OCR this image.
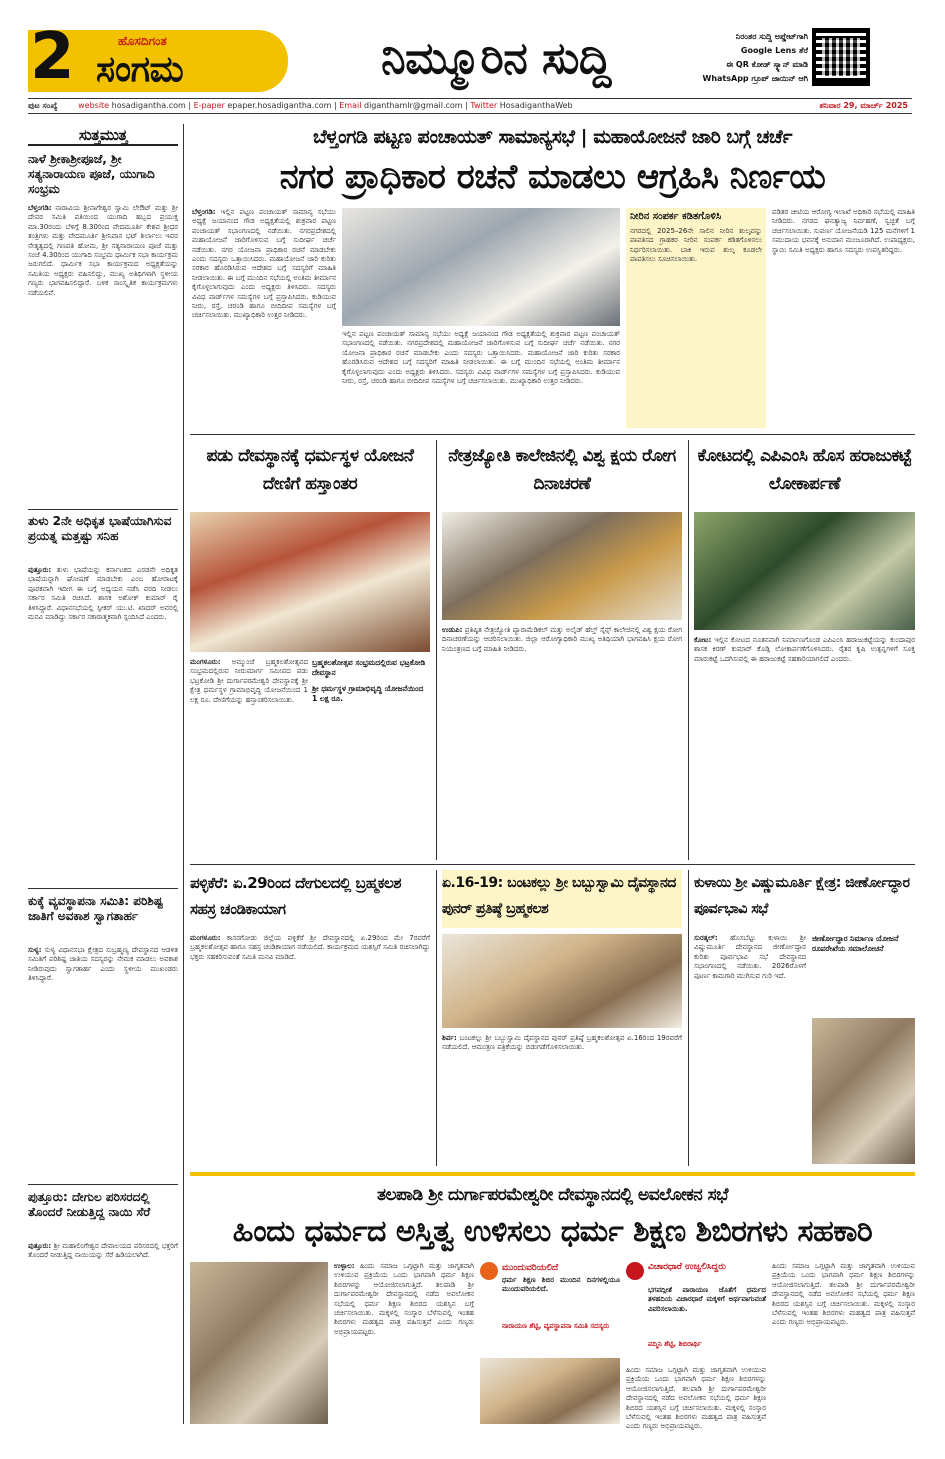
2	ಹೊಸದಿಗಂತ
ಸಂಗಮ	ನಿಮ್ಮೂರಿನ ಸುದ್ದಿ	ನಿರಂತರ ಸುದ್ದಿ ಅಪ್ಡೇಟ್‌ಗಾಗಿ
Google Lens ತೆರೆ
ಈ QR ಕೋಡ್ ಸ್ಕ್ಯಾನ್ ಮಾಡಿ
WhatsApp ಗ್ರೂಪ್ ಜಾಯಿನ್ ಆಗಿ
ಪುಟ ಸಂಖ್ಯೆ	website hosadigantha.com | E-paper epaper.hosadigantha.com | Email diganthamlr@gmail.com | Twitter HosadiganthaWeb	ಶನಿವಾರ 29, ಮಾರ್ಚ್ 2025
ಸುತ್ತಮುತ್ತ
ನಾಳೆ ಶ್ರೀಕಾಶ್ರೀಪೂಜೆ, ಶ್ರೀ ಸತ್ಯನಾರಾಯಣ ಪೂಜೆ, ಯುಗಾದಿ ಸಂಭ್ರಮ
ಬೆಳ್ತಂಗಡಿ: ನಾರಾವಿಯ ಶ್ರೀನಾಗೇಶ್ವರ ಸ್ವಾಮಿ ಲೇಔಟ್ ಮತ್ತು ಶ್ರೀ ದೇವರ ಸಮಿತಿ ವತಿಯಿಂದ ಯುಗಾದಿ ಹಬ್ಬದ ಪ್ರಯುಕ್ತ ಮಾ.30ರಂದು ಬೆಳಿಗ್ಗೆ 8.30ರಿಂದ ವೇದಮೂರ್ತಿ ಕೇಶವ ಶ್ರೀಧರ ತಂತ್ರಿಗಳು ಮತ್ತು ವೇದಮೂರ್ತಿ ಶ್ರೀನಿವಾಸ ಭಟ್ ಶಿರ್ಲಾಲು ಇವರ ನೇತೃತ್ವದಲ್ಲಿ ಗಣಪತಿ ಹೋಮ, ಶ್ರೀ ಸತ್ಯನಾರಾಯಣ ಪೂಜೆ ಮತ್ತು ಸಂಜೆ 4.30ರಿಂದ ಯುಗಾದಿ ಸಂಭ್ರಮ ಧಾರ್ಮಿಕ ಸಭಾ ಕಾರ್ಯಕ್ರಮ ಜರುಗಲಿದೆ. ಧಾರ್ಮಿಕ ಸಭಾ ಕಾರ್ಯಕ್ರಮದ ಅಧ್ಯಕ್ಷತೆಯನ್ನು ಸಮಿತಿಯ ಅಧ್ಯಕ್ಷರು ವಹಿಸಲಿದ್ದು, ಮುಖ್ಯ ಅತಿಥಿಗಳಾಗಿ ಸ್ಥಳೀಯ ಗಣ್ಯರು ಭಾಗವಹಿಸಲಿದ್ದಾರೆ. ಬಳಿಕ ಸಾಂಸ್ಕೃತಿಕ ಕಾರ್ಯಕ್ರಮಗಳು ನಡೆಯಲಿವೆ.
ತುಳು 2ನೇ ಅಧಿಕೃತ ಭಾಷೆಯಾಗಿಸುವ ಪ್ರಯತ್ನ ಮತ್ತಷ್ಟು ಸನಿಹ
ಪುತ್ತೂರು: ತುಳು ಭಾಷೆಯನ್ನು ಕರ್ನಾಟಕದ ಎರಡನೇ ಅಧಿಕೃತ ಭಾಷೆಯನ್ನಾಗಿ ಘೋಷಣೆ ಮಾಡಬೇಕು ಎಂಬ ಹೋರಾಟಕ್ಕೆ ಪೂರಕವಾಗಿ ಇದೀಗ ಈ ಬಗ್ಗೆ ಅಧ್ಯಯನ ನಡೆಸಿ ವರದಿ ನೀಡಲು ಸರ್ಕಾರ ಸಮಿತಿ ರಚಿಸಿದೆ. ಶಾಸಕ ಅಶೋಕ್ ಕುಮಾರ್ ರೈ ತಿಳಿಸಿದ್ದಾರೆ. ವಿಧಾನಸಭೆಯಲ್ಲಿ ಸ್ಪೀಕರ್ ಯು.ಟಿ. ಖಾದರ್ ಅವರಲ್ಲಿ ಮನವಿ ಮಾಡಿದ್ದು ಸರ್ಕಾರ ಸಕಾರಾತ್ಮಕವಾಗಿ ಸ್ಪಂದಿಸಿದೆ ಎಂದರು.
ಕುಕ್ಕೆ ವ್ಯವಸ್ಥಾಪನಾ ಸಮಿತಿ: ಪರಿಶಿಷ್ಟ ಜಾತಿಗೆ ಅವಕಾಶ ಸ್ವಾಗತಾರ್ಹ
ಸುಳ್ಯ: ಸುಳ್ಯ ವಿಧಾನಸಭಾ ಕ್ಷೇತ್ರದ ಸುಬ್ರಹ್ಮಣ್ಯ ದೇವಸ್ಥಾನದ ಆಡಳಿತ ಸಮಿತಿಗೆ ಪರಿಶಿಷ್ಟ ಜಾತಿಯ ಸದಸ್ಯರನ್ನು ನೇಮಕ ಮಾಡಲು ಅವಕಾಶ ನೀಡಿರುವುದು ಸ್ವಾಗತಾರ್ಹ ಎಂದು ಸ್ಥಳೀಯ ಮುಖಂಡರು ತಿಳಿಸಿದ್ದಾರೆ.
ಪುತ್ತೂರು: ದೇಗುಲ ಪರಿಸರದಲ್ಲಿ ತೊಂದರೆ ನೀಡುತ್ತಿದ್ದ ನಾಯಿ ಸೆರೆ
ಪುತ್ತೂರು: ಶ್ರೀ ಮಹಾಲಿಂಗೇಶ್ವರ ದೇವಾಲಯದ ಪರಿಸರದಲ್ಲಿ ಭಕ್ತರಿಗೆ ತೊಂದರೆ ನೀಡುತ್ತಿದ್ದ ನಾಯಿಯನ್ನು ಸೆರೆ ಹಿಡಿಯಲಾಗಿದೆ.
ಬೆಳ್ತಂಗಡಿ ಪಟ್ಟಣ ಪಂಚಾಯತ್ ಸಾಮಾನ್ಯಸಭೆ | ಮಹಾಯೋಜನೆ ಜಾರಿ ಬಗ್ಗೆ ಚರ್ಚೆ
ನಗರ ಪ್ರಾಧಿಕಾರ ರಚನೆ ಮಾಡಲು ಆಗ್ರಹಿಸಿ ನಿರ್ಣಯ
ಬೆಳ್ತಂಗಡಿ: ಇಲ್ಲಿನ ಪಟ್ಟಣ ಪಂಚಾಯತ್ ಸಾಮಾನ್ಯ ಸಭೆಯು ಅಧ್ಯಕ್ಷೆ ಜಯಾನಂದ ಗೌಡ ಅಧ್ಯಕ್ಷತೆಯಲ್ಲಿ ಶುಕ್ರವಾರ ಪಟ್ಟಣ ಪಂಚಾಯತ್ ಸಭಾಂಗಣದಲ್ಲಿ ನಡೆಯಿತು. ನಗರಪ್ರದೇಶದಲ್ಲಿ ಮಹಾಯೋಜನೆ ಜಾರಿಗೊಳಿಸುವ ಬಗ್ಗೆ ಸುದೀರ್ಘ ಚರ್ಚೆ ನಡೆಯಿತು. ನಗರ ಯೋಜನಾ ಪ್ರಾಧಿಕಾರ ರಚನೆ ಮಾಡಬೇಕು ಎಂದು ಸದಸ್ಯರು ಒತ್ತಾಯಿಸಿದರು. ಮಹಾಯೋಜನೆ ಜಾರಿ ಕುರಿತು ಸರಕಾರ ಹೊರಡಿಸಿರುವ ಆದೇಶದ ಬಗ್ಗೆ ಸದಸ್ಯರಿಗೆ ಮಾಹಿತಿ ನೀಡಲಾಯಿತು. ಈ ಬಗ್ಗೆ ಮುಂದಿನ ಸಭೆಯಲ್ಲಿ ಅಂತಿಮ ತೀರ್ಮಾನ ಕೈಗೊಳ್ಳಲಾಗುವುದು ಎಂದು ಅಧ್ಯಕ್ಷರು ತಿಳಿಸಿದರು. ಸದಸ್ಯರು ವಿವಿಧ ವಾರ್ಡ್‌ಗಳ ಸಮಸ್ಯೆಗಳ ಬಗ್ಗೆ ಪ್ರಸ್ತಾಪಿಸಿದರು. ಕುಡಿಯುವ ನೀರು, ರಸ್ತೆ, ಚರಂಡಿ ಹಾಗೂ ಬೀದಿದೀಪ ಸಮಸ್ಯೆಗಳ ಬಗ್ಗೆ ಚರ್ಚಿಸಲಾಯಿತು. ಮುಖ್ಯಾಧಿಕಾರಿ ಉತ್ತರ ನೀಡಿದರು.
ಇಲ್ಲಿನ ಪಟ್ಟಣ ಪಂಚಾಯತ್ ಸಾಮಾನ್ಯ ಸಭೆಯು ಅಧ್ಯಕ್ಷೆ ಜಯಾನಂದ ಗೌಡ ಅಧ್ಯಕ್ಷತೆಯಲ್ಲಿ ಶುಕ್ರವಾರ ಪಟ್ಟಣ ಪಂಚಾಯತ್ ಸಭಾಂಗಣದಲ್ಲಿ ನಡೆಯಿತು. ನಗರಪ್ರದೇಶದಲ್ಲಿ ಮಹಾಯೋಜನೆ ಜಾರಿಗೊಳಿಸುವ ಬಗ್ಗೆ ಸುದೀರ್ಘ ಚರ್ಚೆ ನಡೆಯಿತು. ನಗರ ಯೋಜನಾ ಪ್ರಾಧಿಕಾರ ರಚನೆ ಮಾಡಬೇಕು ಎಂದು ಸದಸ್ಯರು ಒತ್ತಾಯಿಸಿದರು. ಮಹಾಯೋಜನೆ ಜಾರಿ ಕುರಿತು ಸರಕಾರ ಹೊರಡಿಸಿರುವ ಆದೇಶದ ಬಗ್ಗೆ ಸದಸ್ಯರಿಗೆ ಮಾಹಿತಿ ನೀಡಲಾಯಿತು. ಈ ಬಗ್ಗೆ ಮುಂದಿನ ಸಭೆಯಲ್ಲಿ ಅಂತಿಮ ತೀರ್ಮಾನ ಕೈಗೊಳ್ಳಲಾಗುವುದು ಎಂದು ಅಧ್ಯಕ್ಷರು ತಿಳಿಸಿದರು. ಸದಸ್ಯರು ವಿವಿಧ ವಾರ್ಡ್‌ಗಳ ಸಮಸ್ಯೆಗಳ ಬಗ್ಗೆ ಪ್ರಸ್ತಾಪಿಸಿದರು. ಕುಡಿಯುವ ನೀರು, ರಸ್ತೆ, ಚರಂಡಿ ಹಾಗೂ ಬೀದಿದೀಪ ಸಮಸ್ಯೆಗಳ ಬಗ್ಗೆ ಚರ್ಚಿಸಲಾಯಿತು. ಮುಖ್ಯಾಧಿಕಾರಿ ಉತ್ತರ ನೀಡಿದರು.
ನೀರಿನ ಸಂಪರ್ಕ ಕಡಿತಗೊಳಿಸಿ
ನಗರದಲ್ಲಿ 2025–26ನೇ ಸಾಲಿನ ನೀರಿನ ಶುಲ್ಕವನ್ನು ಪಾವತಿಸದ ಗ್ರಾಹಕರ ನೀರಿನ ಸಂಪರ್ಕ ಕಡಿತಗೊಳಿಸಲು ನಿರ್ಧರಿಸಲಾಯಿತು. ಬಾಕಿ ಇರುವ ಶುಲ್ಕ ಕೂಡಲೇ ಪಾವತಿಸಲು ಸೂಚಿಸಲಾಯಿತು.
ಪಡಿತರ ಚೀಟಿಯ ಆರೋಗ್ಯ ಇಲಾಖೆ ಅಧಿಕಾರಿ ಸಭೆಯಲ್ಲಿ ಮಾಹಿತಿ ನೀಡಿದರು. ನಗರದ ಘನತ್ಯಾಜ್ಯ ನಿರ್ವಹಣೆ, ಸ್ವಚ್ಛತೆ ಬಗ್ಗೆ ಚರ್ಚಿಸಲಾಯಿತು. ಸುವರ್ಣ ಯೋಜನೆಯಡಿ 125 ಮನೆಗಳಿಗೆ 1 ಸಮುದಾಯ ಭವನಕ್ಕೆ ಅನುದಾನ ಮಂಜೂರಾಗಿದೆ. ಉಪಾಧ್ಯಕ್ಷರು, ಸ್ಥಾಯಿ ಸಮಿತಿ ಅಧ್ಯಕ್ಷರು ಹಾಗೂ ಸದಸ್ಯರು ಉಪಸ್ಥಿತರಿದ್ದರು.
ಪಡು ದೇವಸ್ಥಾನಕ್ಕೆ ಧರ್ಮಸ್ಥಳ ಯೋಜನೆ ದೇಣಿಗೆ ಹಸ್ತಾಂತರ
ಮಂಗಳೂರು: ಅಮ್ಮುಂಜೆ ಬ್ರಹ್ಮಕಲಶೋತ್ಸವದ ಸಂಭ್ರಮದಲ್ಲಿರುವ ನೀರುಮಾರ್ಗ ಸಮೀಪದ ಪಡು ಭಟ್ರಕೋಡಿ ಶ್ರೀ ದುರ್ಗಾಪರಮೇಶ್ವರಿ ದೇವಸ್ಥಾನಕ್ಕೆ ಶ್ರೀ ಕ್ಷೇತ್ರ ಧರ್ಮಸ್ಥಳ ಗ್ರಾಮಾಭಿವೃದ್ಧಿ ಯೋಜನೆಯಿಂದ 1 ಲಕ್ಷ ರೂ. ದೇಣಿಗೆಯನ್ನು ಹಸ್ತಾಂತರಿಸಲಾಯಿತು.
ಬ್ರಹ್ಮಕಲಶೋತ್ಸವ ಸಂಭ್ರಮದಲ್ಲಿರುವ ಭಟ್ರಕೋಡಿ ದೇವಸ್ಥಾನ
ಶ್ರೀ ಧರ್ಮಸ್ಥಳ ಗ್ರಾಮಾಭಿವೃದ್ಧಿ ಯೋಜನೆಯಿಂದ 1 ಲಕ್ಷ ರೂ.
ನೇತ್ರಜ್ಯೋತಿ ಕಾಲೇಜಿನಲ್ಲಿ ವಿಶ್ವ ಕ್ಷಯ ರೋಗ ದಿನಾಚರಣೆ
ಉಡುಪಿ: ಪ್ರತಿಷ್ಠಿತ ನೇತ್ರಜ್ಯೋತಿ ಪ್ಯಾರಾಮೆಡಿಕಲ್ ಮತ್ತು ಅಲೈಡ್ ಹೆಲ್ತ್ ಸೈನ್ಸ್ ಕಾಲೇಜಿನಲ್ಲಿ ವಿಶ್ವ ಕ್ಷಯ ರೋಗ ದಿನಾಚರಣೆಯನ್ನು ಆಚರಿಸಲಾಯಿತು. ಜಿಲ್ಲಾ ಆರೋಗ್ಯಾಧಿಕಾರಿ ಮುಖ್ಯ ಅತಿಥಿಯಾಗಿ ಭಾಗವಹಿಸಿ ಕ್ಷಯ ರೋಗ ನಿಯಂತ್ರಣದ ಬಗ್ಗೆ ಮಾಹಿತಿ ನೀಡಿದರು.
ಕೋಟದಲ್ಲಿ ಎಪಿಎಂಸಿ ಹೊಸ ಹರಾಜುಕಟ್ಟೆ ಲೋಕಾರ್ಪಣೆ
ಕೋಟ: ಇಲ್ಲಿನ ಕೋಟದ ನೂತನವಾಗಿ ನಿರ್ಮಾಣಗೊಂಡ ಎಪಿಎಂಸಿ ಹರಾಜುಕಟ್ಟೆಯನ್ನು ಕುಂದಾಪುರ ಶಾಸಕ ಕಿರಣ್ ಕುಮಾರ್ ಕೊಡ್ಗಿ ಲೋಕಾರ್ಪಣೆಗೊಳಿಸಿದರು. ರೈತರ ಕೃಷಿ ಉತ್ಪನ್ನಗಳಿಗೆ ಸೂಕ್ತ ಮಾರುಕಟ್ಟೆ ಒದಗಿಸುವಲ್ಲಿ ಈ ಹರಾಜುಕಟ್ಟೆ ಸಹಕಾರಿಯಾಗಲಿದೆ ಎಂದರು.
ಪಳ್ಳಿಕೆರೆ: ಏ.29ರಿಂದ ದೇಗುಲದಲ್ಲಿ ಬ್ರಹ್ಮಕಲಶ ಸಹಸ್ರ ಚಂಡಿಕಾಯಾಗ
ಮಂಗಳೂರು: ಕಾಸರಗೋಡು ಜಿಲ್ಲೆಯ ಪಳ್ಳಿಕೆರೆ ಶ್ರೀ ದೇವಸ್ಥಾನದಲ್ಲಿ ಏ.29ರಿಂದ ಮೇ 7ರವರೆಗೆ ಬ್ರಹ್ಮಕಲಶೋತ್ಸವ ಹಾಗೂ ಸಹಸ್ರ ಚಂಡಿಕಾಯಾಗ ನಡೆಯಲಿದೆ. ಕಾರ್ಯಕ್ರಮದ ಯಶಸ್ಸಿಗೆ ಸಮಿತಿ ರಚಿಸಲಾಗಿದ್ದು ಭಕ್ತರು ಸಹಕರಿಸುವಂತೆ ಸಮಿತಿ ಮನವಿ ಮಾಡಿದೆ.
ಏ.16-19: ಬಂಟಕಲ್ಲು ಶ್ರೀ ಬಬ್ಬುಸ್ವಾಮಿ ದೈವಸ್ಥಾನದ ಪುನರ್ ಪ್ರತಿಷ್ಠೆ ಬ್ರಹ್ಮಕಲಶ
ಶಿರ್ವ: ಬಂಟಕಲ್ಲು ಶ್ರೀ ಬಬ್ಬುಸ್ವಾಮಿ ದೈವಸ್ಥಾನದ ಪುನರ್ ಪ್ರತಿಷ್ಠೆ ಬ್ರಹ್ಮಕಲಶೋತ್ಸವ ಏ.16ರಿಂದ 19ರವರೆಗೆ ನಡೆಯಲಿದೆ. ಆಮಂತ್ರಣ ಪತ್ರಿಕೆಯನ್ನು ಬಿಡುಗಡೆಗೊಳಿಸಲಾಯಿತು.
ಕುಳಾಯಿ ಶ್ರೀ ವಿಷ್ಣುಮೂರ್ತಿ ಕ್ಷೇತ್ರ: ಜೀರ್ಣೋದ್ಧಾರ ಪೂರ್ವಭಾವಿ ಸಭೆ
ಸುರತ್ಕಲ್: ಹೊಸಬೆಟ್ಟು ಕುಳಾಯಿ ಶ್ರೀ ವಿಷ್ಣುಮೂರ್ತಿ ದೇವಸ್ಥಾನದ ಜೀರ್ಣೋದ್ಧಾರ ಕುರಿತು ಪೂರ್ವಭಾವಿ ಸಭೆ ದೇವಸ್ಥಾನದ ಸಭಾಂಗಣದಲ್ಲಿ ನಡೆಯಿತು. 2026ರೊಳಗೆ ಪೂರ್ಣ ಕಾಮಗಾರಿ ಮುಗಿಸುವ ಗುರಿ ಇದೆ.
ಜೀರ್ಣೋದ್ಧಾರ ನಿರ್ಮಾಣ ಯೋಜನೆ ರೂಪರೇಖೆಯ ಸಮಾಲೋಚನೆ
ತಲಪಾಡಿ ಶ್ರೀ ದುರ್ಗಾಪರಮೇಶ್ವರೀ ದೇವಸ್ಥಾನದಲ್ಲಿ ಅವಲೋಕನ ಸಭೆ
ಹಿಂದು ಧರ್ಮದ ಅಸ್ತಿತ್ವ ಉಳಿಸಲು ಧರ್ಮ ಶಿಕ್ಷಣ ಶಿಬಿರಗಳು ಸಹಕಾರಿ
ಉಳ್ಳಾಲ: ಹಿಂದು ಸಮಾಜ ಒಗ್ಗಟ್ಟಾಗಿ ಮತ್ತು ಜಾಗೃತವಾಗಿ ಉಳಿಯುವ ಪ್ರಕ್ರಿಯೆಯ ಒಂದು ಭಾಗವಾಗಿ ಧರ್ಮ ಶಿಕ್ಷಣ ಶಿಬಿರಗಳನ್ನು ಆಯೋಜಿಸಲಾಗುತ್ತಿದೆ. ತಲಪಾಡಿ ಶ್ರೀ ದುರ್ಗಾಪರಮೇಶ್ವರೀ ದೇವಸ್ಥಾನದಲ್ಲಿ ನಡೆದ ಅವಲೋಕನ ಸಭೆಯಲ್ಲಿ ಧರ್ಮ ಶಿಕ್ಷಣ ಶಿಬಿರದ ಯಶಸ್ಸಿನ ಬಗ್ಗೆ ಚರ್ಚಿಸಲಾಯಿತು. ಮಕ್ಕಳಲ್ಲಿ ಸಂಸ್ಕಾರ ಬೆಳೆಸುವಲ್ಲಿ ಇಂತಹ ಶಿಬಿರಗಳು ಮಹತ್ವದ ಪಾತ್ರ ವಹಿಸುತ್ತವೆ ಎಂದು ಗಣ್ಯರು ಅಭಿಪ್ರಾಯಪಟ್ಟರು.
ಮುಂದುವರಿಯಲಿದೆ
ಧರ್ಮ ಶಿಕ್ಷಣ ಶಿಬಿರ ಮುಂದಿನ ದಿನಗಳಲ್ಲಿಯೂ ಮುಂದುವರಿಯಲಿದೆ.
ನಾರಾಯಣ ಶೆಟ್ಟಿ, ವ್ಯವಸ್ಥಾಪನಾ ಸಮಿತಿ ಸದಸ್ಯರು
ವಿಚಾರಧಾರೆ ಉಜ್ವಲಿಸಿದ್ದರು
ಭಗವದ್ಗೀತೆ ಪಾರಾಯಣ ಜೊತೆಗೆ ಧರ್ಮದ ತಳಹದಿಯ ವಿಚಾರಧಾರೆ ಮಕ್ಕಳಿಗೆ ಅರ್ಥವಾಗುವಂತೆ ವಿವರಿಸಲಾಯಿತು.
ಪದ್ಮಿನಿ ಶೆಟ್ಟಿ, ಶಿಬಿರಾರ್ಥಿ
ಹಿಂದು ಸಮಾಜ ಒಗ್ಗಟ್ಟಾಗಿ ಮತ್ತು ಜಾಗೃತವಾಗಿ ಉಳಿಯುವ ಪ್ರಕ್ರಿಯೆಯ ಒಂದು ಭಾಗವಾಗಿ ಧರ್ಮ ಶಿಕ್ಷಣ ಶಿಬಿರಗಳನ್ನು ಆಯೋಜಿಸಲಾಗುತ್ತಿದೆ. ತಲಪಾಡಿ ಶ್ರೀ ದುರ್ಗಾಪರಮೇಶ್ವರೀ ದೇವಸ್ಥಾನದಲ್ಲಿ ನಡೆದ ಅವಲೋಕನ ಸಭೆಯಲ್ಲಿ ಧರ್ಮ ಶಿಕ್ಷಣ ಶಿಬಿರದ ಯಶಸ್ಸಿನ ಬಗ್ಗೆ ಚರ್ಚಿಸಲಾಯಿತು. ಮಕ್ಕಳಲ್ಲಿ ಸಂಸ್ಕಾರ ಬೆಳೆಸುವಲ್ಲಿ ಇಂತಹ ಶಿಬಿರಗಳು ಮಹತ್ವದ ಪಾತ್ರ ವಹಿಸುತ್ತವೆ ಎಂದು ಗಣ್ಯರು ಅಭಿಪ್ರಾಯಪಟ್ಟರು.
ಹಿಂದು ಸಮಾಜ ಒಗ್ಗಟ್ಟಾಗಿ ಮತ್ತು ಜಾಗೃತವಾಗಿ ಉಳಿಯುವ ಪ್ರಕ್ರಿಯೆಯ ಒಂದು ಭಾಗವಾಗಿ ಧರ್ಮ ಶಿಕ್ಷಣ ಶಿಬಿರಗಳನ್ನು ಆಯೋಜಿಸಲಾಗುತ್ತಿದೆ. ತಲಪಾಡಿ ಶ್ರೀ ದುರ್ಗಾಪರಮೇಶ್ವರೀ ದೇವಸ್ಥಾನದಲ್ಲಿ ನಡೆದ ಅವಲೋಕನ ಸಭೆಯಲ್ಲಿ ಧರ್ಮ ಶಿಕ್ಷಣ ಶಿಬಿರದ ಯಶಸ್ಸಿನ ಬಗ್ಗೆ ಚರ್ಚಿಸಲಾಯಿತು. ಮಕ್ಕಳಲ್ಲಿ ಸಂಸ್ಕಾರ ಬೆಳೆಸುವಲ್ಲಿ ಇಂತಹ ಶಿಬಿರಗಳು ಮಹತ್ವದ ಪಾತ್ರ ವಹಿಸುತ್ತವೆ ಎಂದು ಗಣ್ಯರು ಅಭಿಪ್ರಾಯಪಟ್ಟರು.
